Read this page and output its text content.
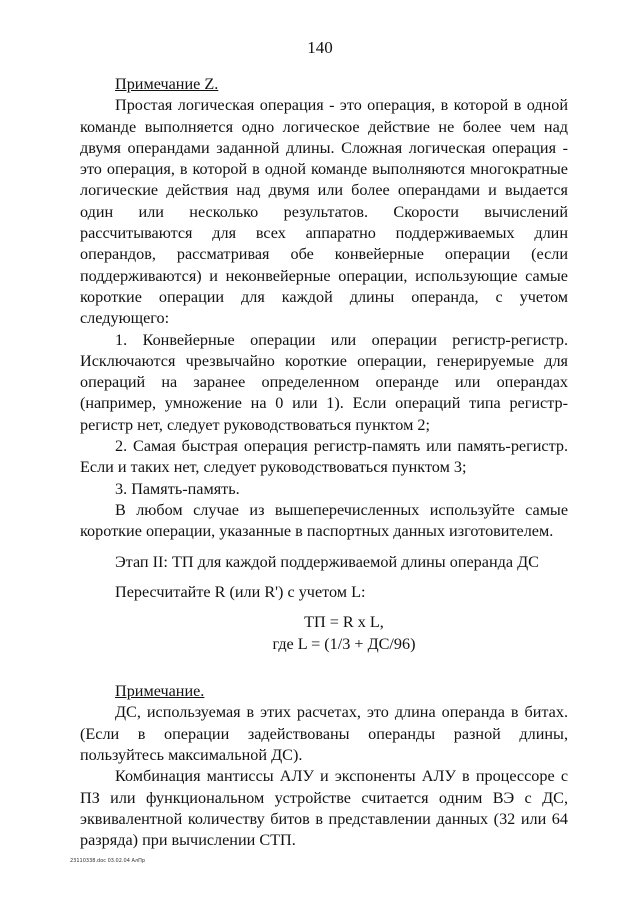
140

Примечание Z.

Простая логическая операция - это операция, в которой в одной команде выполняется одно логическое действие не более чем над двумя операндами заданной длины. Сложная логическая операция - это операция, в которой в одной команде выполняются многократные логические действия над двумя или более операндами и выдается один или несколько результатов. Скорости вычислений рассчитываются для всех аппаратно поддерживаемых длин операндов, рассматривая обе конвейерные операции (если поддерживаются) и неконвейерные операции, использующие самые короткие операции для каждой длины операнда, с учетом следующего:

1. Конвейерные операции или операции регистр-регистр. Исключаются чрезвычайно короткие операции, генерируемые для операций на заранее определенном операнде или операндах (например, умножение на 0 или 1). Если операций типа регистр-регистр нет, следует руководствоваться пунктом 2;

2. Самая быстрая операция регистр-память или память-регистр. Если и таких нет, следует руководствоваться пунктом 3;

3. Память-память.

В любом случае из вышеперечисленных используйте самые короткие операции, указанные в паспортных данных изготовителем.

Этап II: ТП для каждой поддерживаемой длины операнда ДС

Пересчитайте R (или R') с учетом L:

ТП = R x L,
где L = (1/3 + ДС/96)

Примечание.

ДС, используемая в этих расчетах, это длина операнда в битах. (Если в операции задействованы операнды разной длины, пользуйтесь максимальной ДС).

Комбинация мантиссы АЛУ и экспоненты АЛУ в процессоре с ПЗ или функциональном устройстве считается одним ВЭ с ДС, эквивалентной количеству битов в представлении данных (32 или 64 разряда) при вычислении СТП.

23110338.doc 03.02.04 АлПр
